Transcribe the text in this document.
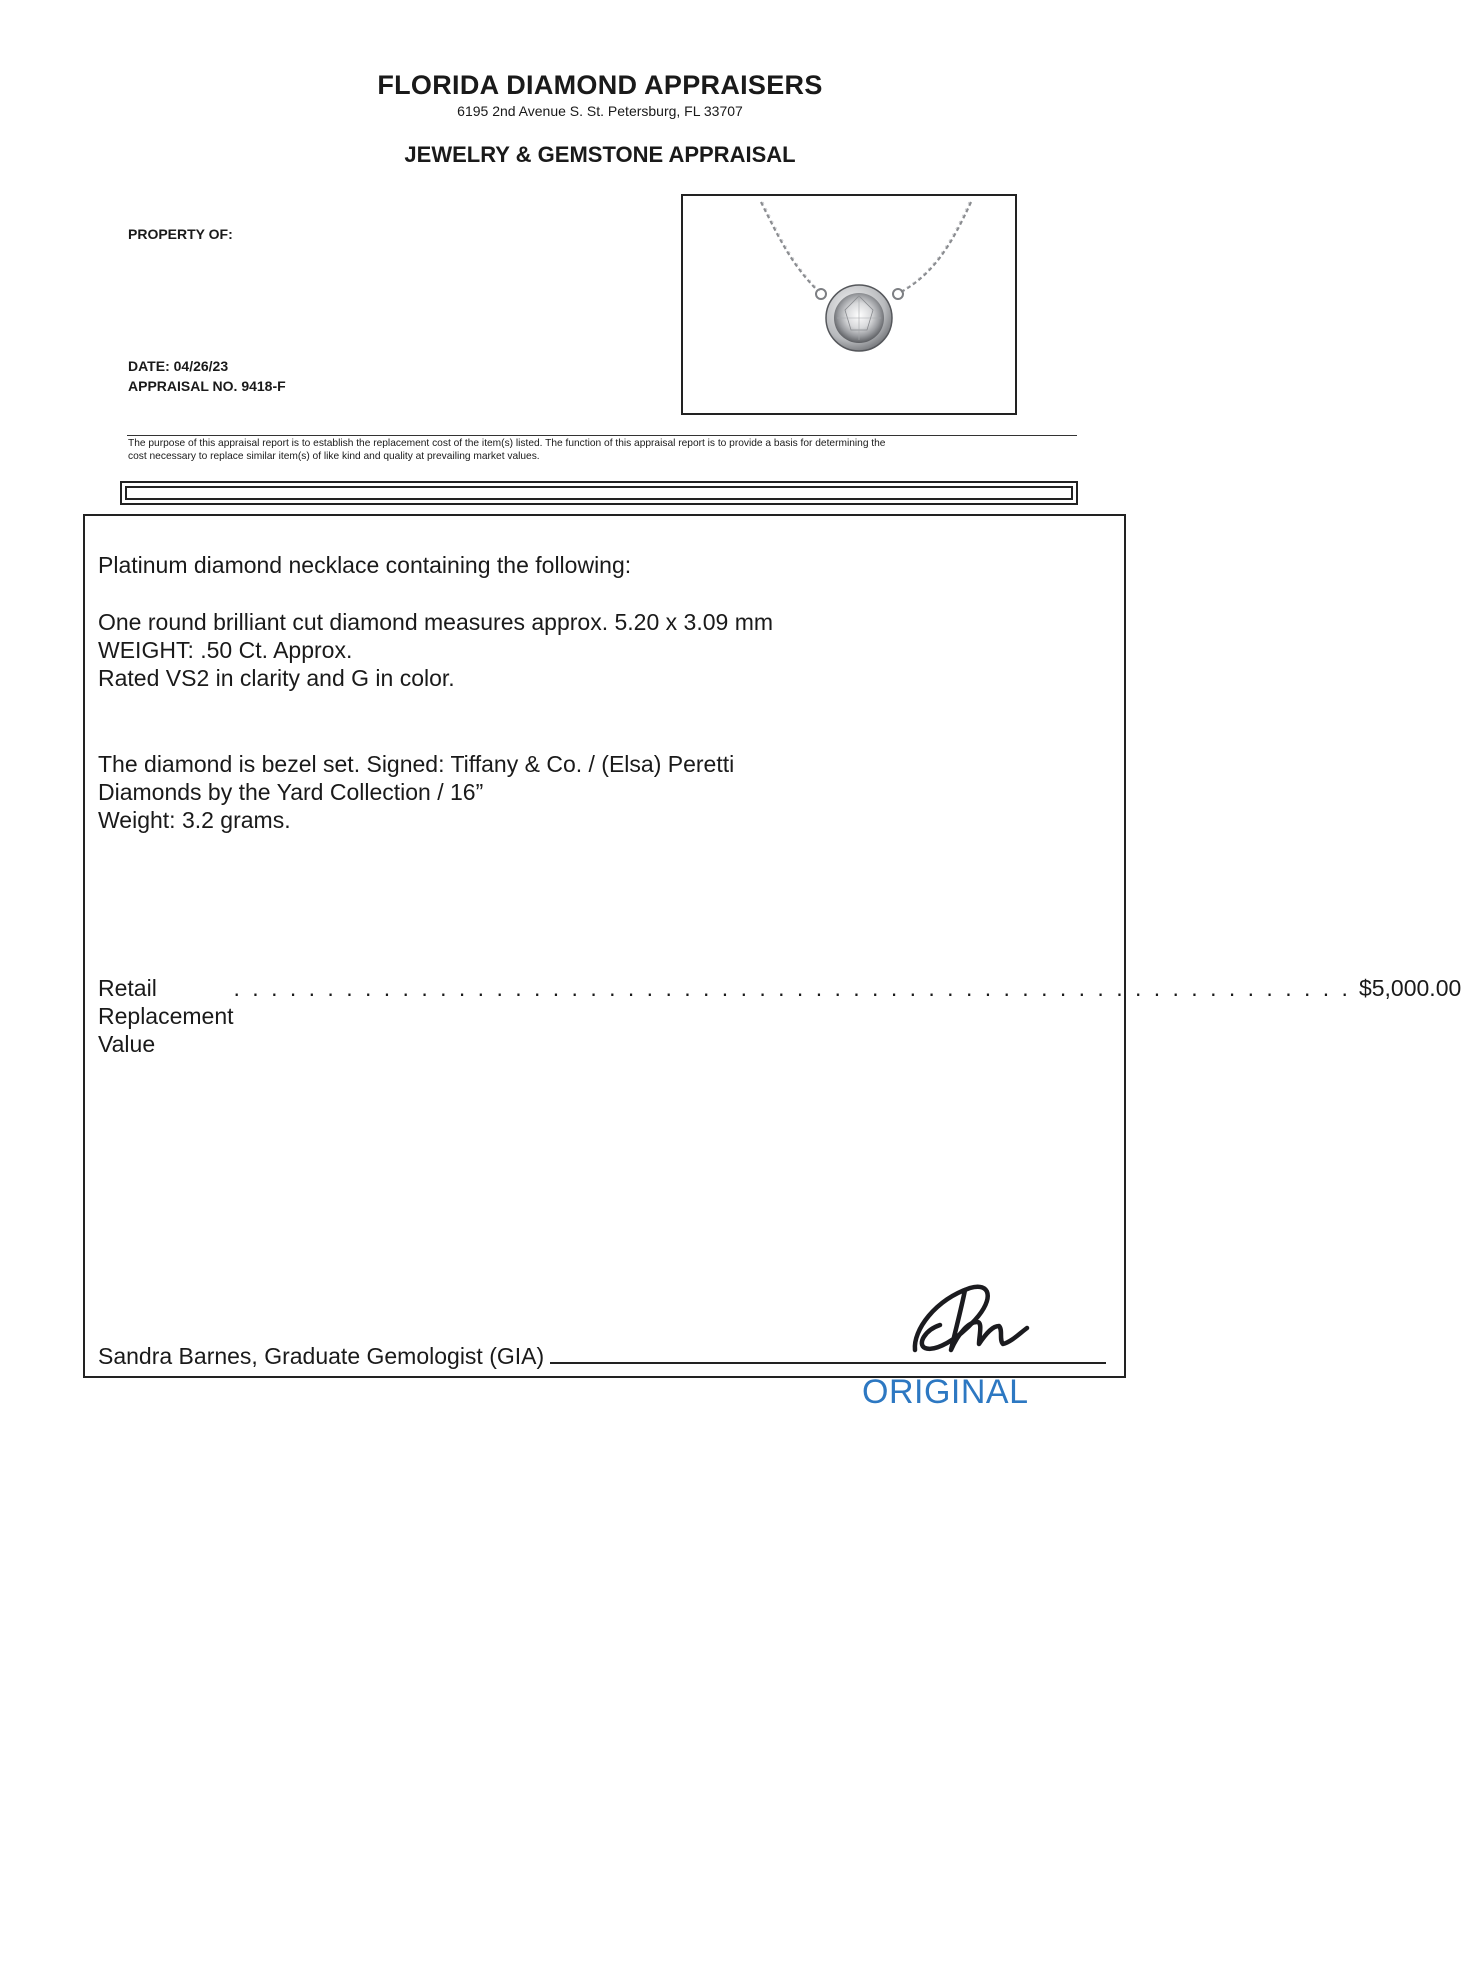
FLORIDA DIAMOND APPRAISERS
6195 2nd Avenue S. St. Petersburg, FL 33707
JEWELRY & GEMSTONE APPRAISAL
PROPERTY OF:
DATE: 04/26/23
APPRAISAL NO. 9418-F
The purpose of this appraisal report is to establish the replacement cost of the item(s) listed. The function of this appraisal report is to provide a basis for determining the
cost necessary to replace similar item(s) of like kind and quality at prevailing market values.
Platinum diamond necklace containing the following:
One round brilliant cut diamond measures approx. 5.20 x 3.09 mm
WEIGHT: .50 Ct. Approx.
Rated VS2 in clarity and G in color.
The diamond is bezel set. Signed: Tiffany & Co. / (Elsa) Peretti
Diamonds by the Yard Collection / 16”
Weight: 3.2 grams.
Retail Replacement Value
. . . . . . . . . . . . . . . . . . . . . . . . . . . . . . . . . . . . . . . . . . . . . . . . . . . . . . . . . . . . $5,000.00
Sandra Barnes, Graduate Gemologist (GIA)
ORIGINAL
